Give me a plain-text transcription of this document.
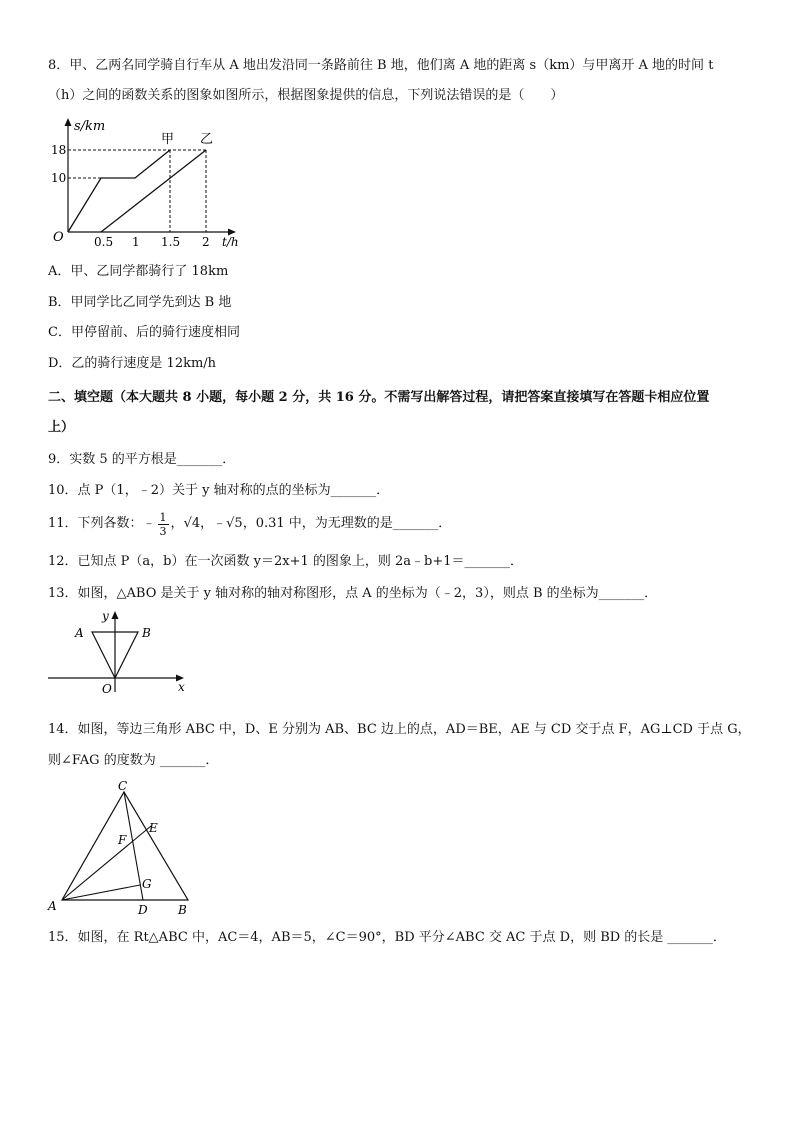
8．甲、乙两名同学骑自行车从 A 地出发沿同一条路前往 B 地，他们离 A 地的距离 s（km）与甲离开 A 地的时间 t
（h）之间的函数关系的图象如图所示，根据图象提供的信息，下列说法错误的是（　　）
s/km
18
10
O	0.5 1 1.5 2 t/h
甲 乙
A．甲、乙同学都骑行了 18km
B．甲同学比乙同学先到达 B 地
C．甲停留前、后的骑行速度相同
D．乙的骑行速度是 12km/h
二、填空题（本大题共 8 小题，每小题 2 分，共 16 分。不需写出解答过程，请把答案直接填写在答题卡相应位置
上）
9．实数 5 的平方根是_______．
10．点 P（1，﹣2）关于 y 轴对称的点的坐标为_______．
11．下列各数：﹣ $\frac{1}{3}$ ， √4 ， ﹣√5 ，0.31 中，为无理数的是_______．
12．已知点 P（a，b）在一次函数 y＝2x+1 的图象上，则 2a﹣b+1＝_______．
13．如图，△ABO 是关于 y 轴对称的轴对称图形，点 A 的坐标为（﹣2，3），则点 B 的坐标为_______．
y
A	B
O	x
14．如图，等边三角形 ABC 中，D、E 分别为 AB、BC 边上的点，AD＝BE，AE 与 CD 交于点 F，AG⊥CD 于点 G，
则∠FAG 的度数为 _______．
C
E
F
G
A	D	B
15．如图，在 Rt△ABC 中，AC＝4，AB＝5，∠C＝90°，BD 平分∠ABC 交 AC 于点 D，则 BD 的长是 _______．
